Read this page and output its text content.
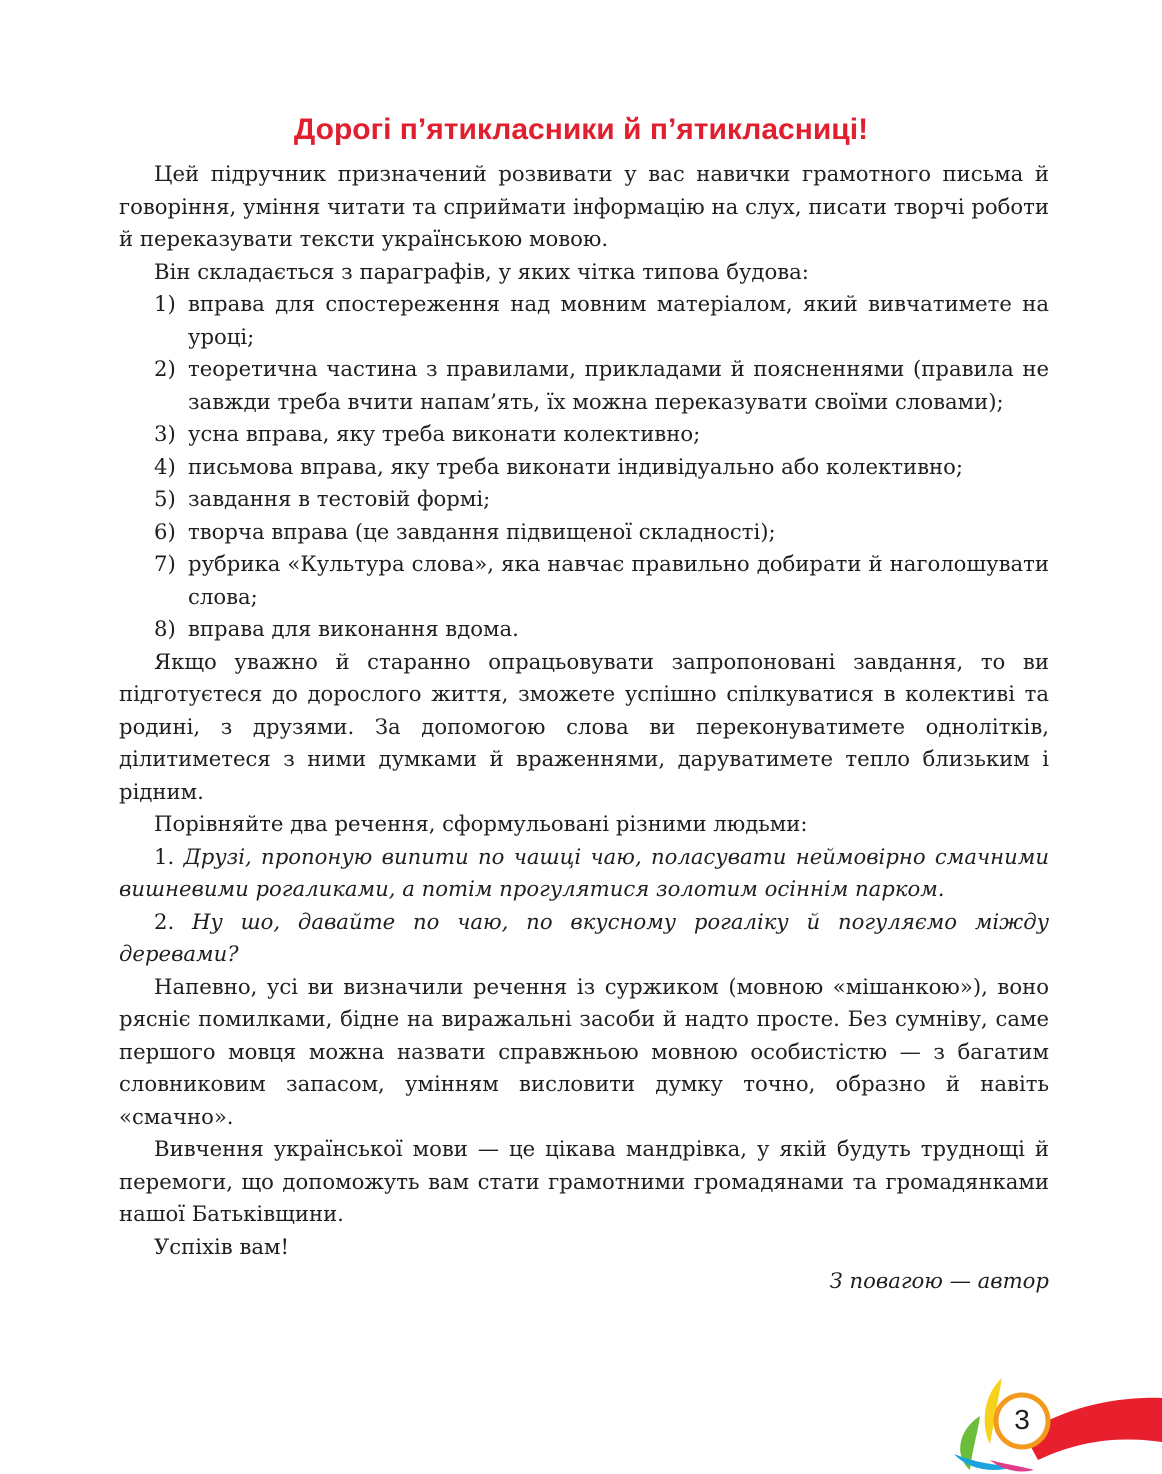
Дорогі п’ятикласники й п’ятикласниці!

Цей підручник призначений розвивати у вас навички грамотного письма й говоріння, уміння читати та сприймати інформацію на слух, писати творчі роботи й переказувати тексти українською мовою.

Він складається з параграфів, у яких чітка типова будова:

1) вправа для спостереження над мовним матеріалом, який вивчатимете на уроці;
2) теоретична частина з правилами, прикладами й поясненнями (правила не завжди треба вчити напам’ять, їх можна переказувати своїми словами);
3) усна вправа, яку треба виконати колективно;
4) письмова вправа, яку треба виконати індивідуально або колективно;
5) завдання в тестовій формі;
6) творча вправа (це завдання підвищеної складності);
7) рубрика «Культура слова», яка навчає правильно добирати й наголошувати слова;
8) вправа для виконання вдома.

Якщо уважно й старанно опрацьовувати запропоновані завдання, то ви підготуєтеся до дорослого життя, зможете успішно спілкуватися в колективі та родині, з друзями. За допомогою слова ви переконуватимете однолітків, ділитиметеся з ними думками й враженнями, даруватимете тепло близьким і рідним.

Порівняйте два речення, сформульовані різними людьми:

1. Друзі, пропоную випити по чашці чаю, поласувати неймовірно смачними вишневими рогаликами, а потім прогулятися золотим осіннім парком.

2. Ну шо, давайте по чаю, по вкусному рогаліку й погуляємо міжду деревами?

Напевно, усі ви визначили речення із суржиком (мовною «мішанкою»), воно рясніє помилками, бідне на виражальні засоби й надто просте. Без сумніву, саме першого мовця можна назвати справжньою мовною особистістю — з багатим словниковим запасом, умінням висловити думку точно, образно й навіть «смачно».

Вивчення української мови — це цікава мандрівка, у якій будуть труднощі й перемоги, що допоможуть вам стати грамотними громадянами та громадянками нашої Батьківщини.

Успіхів вам!

З повагою — автор

3
